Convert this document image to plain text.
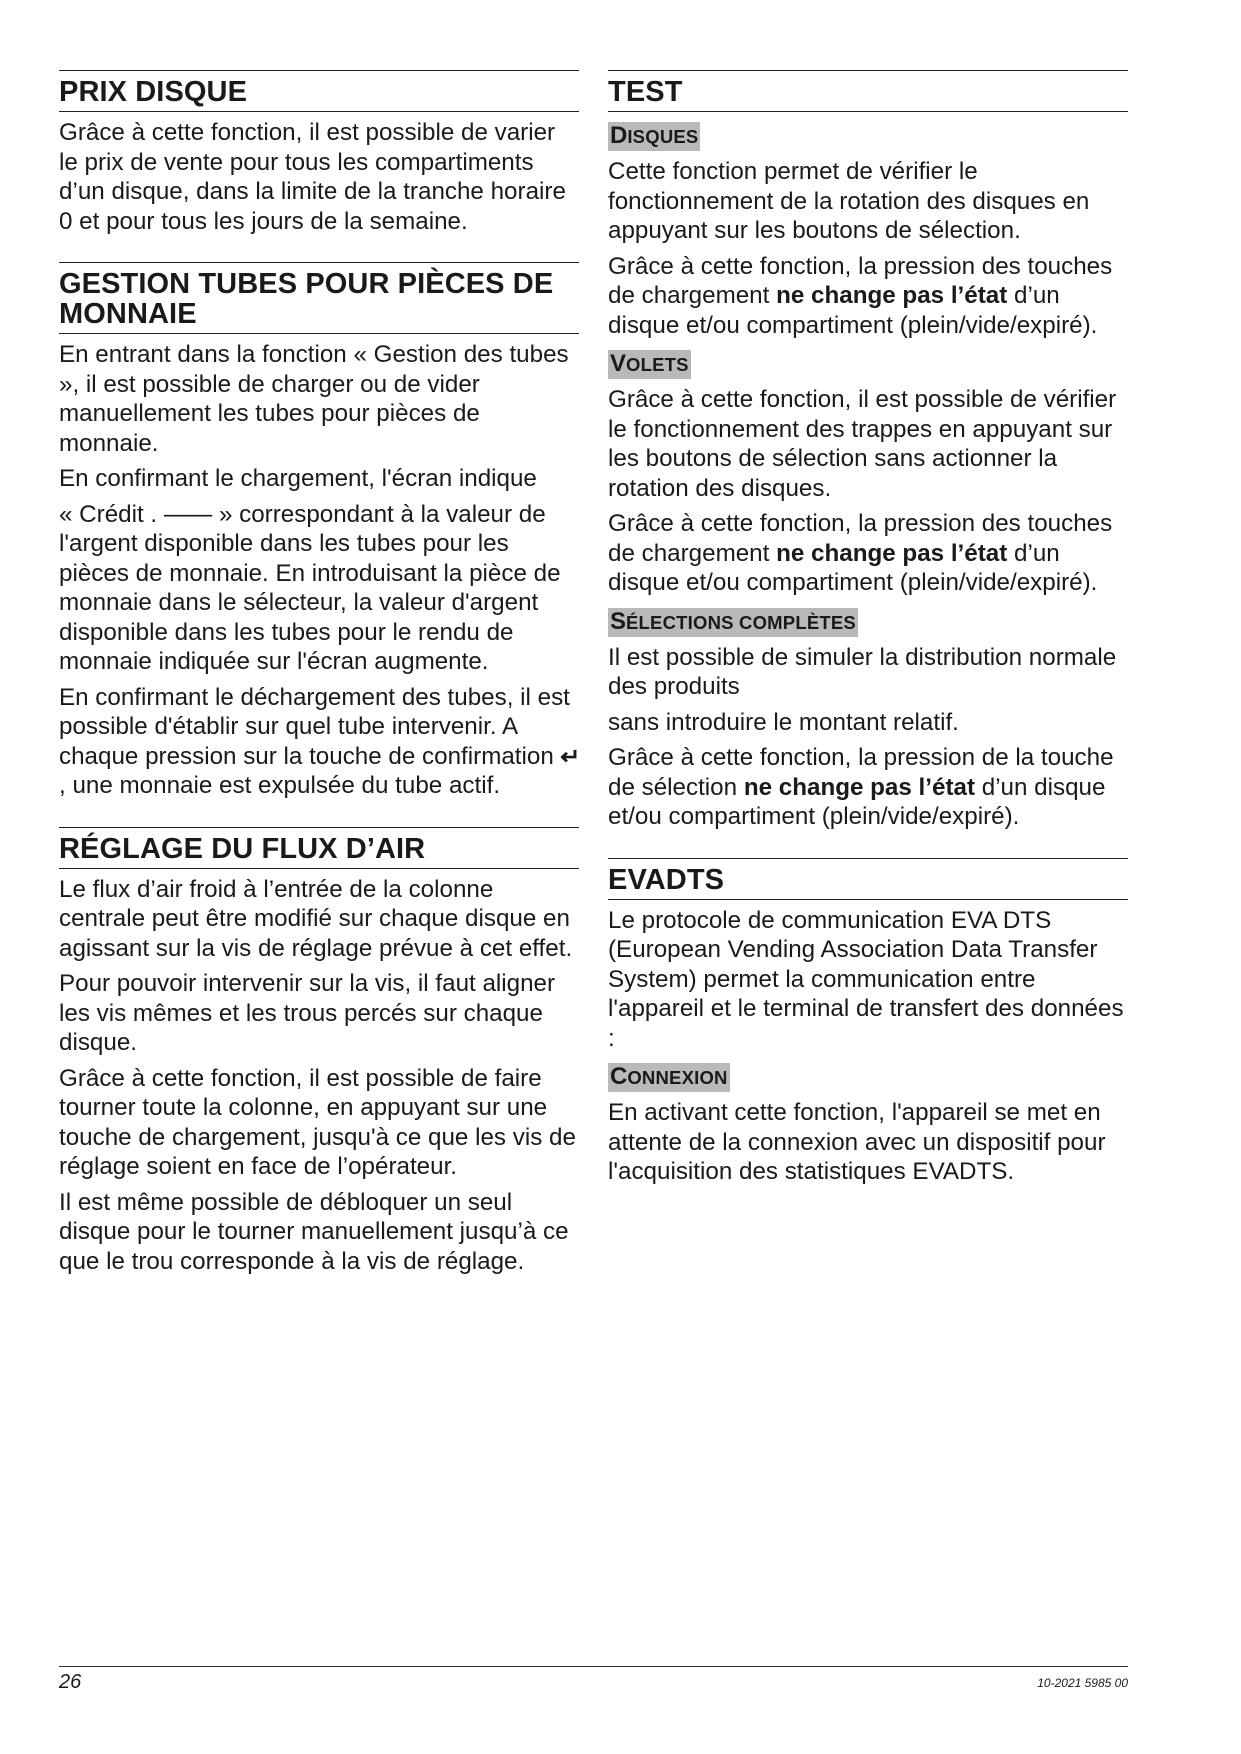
PRIX DISQUE

Grâce à cette fonction, il est possible de varier le prix de vente pour tous les compartiments d’un disque, dans la limite de la tranche horaire 0 et pour tous les jours de la semaine.

GESTION TUBES POUR PIÈCES DE MONNAIE

En entrant dans la fonction « Gestion des tubes », il est possible de charger ou de vider manuellement les tubes pour pièces de monnaie.

En confirmant le chargement, l'écran indique

« Crédit . —— » correspondant à la valeur de l'argent disponible dans les tubes pour les pièces de monnaie. En introduisant la pièce de monnaie dans le sélecteur, la valeur d'argent disponible dans les tubes pour le rendu de monnaie indiquée sur l'écran augmente.

En confirmant le déchargement des tubes, il est possible d'établir sur quel tube intervenir. A chaque pression sur la touche de confirmation ↵, une monnaie est expulsée du tube actif.

RÉGLAGE DU FLUX D’AIR

Le flux d’air froid à l’entrée de la colonne centrale peut être modifié sur chaque disque en agissant sur la vis de réglage prévue à cet effet.

Pour pouvoir intervenir sur la vis, il faut aligner les vis mêmes et les trous percés sur chaque disque.

Grâce à cette fonction, il est possible de faire tourner toute la colonne, en appuyant sur une touche de chargement, jusqu'à ce que les vis de réglage soient en face de l’opérateur.

Il est même possible de débloquer un seul disque pour le tourner manuellement jusqu’à ce que le trou corresponde à la vis de réglage.

TEST
DISQUES

Cette fonction permet de vérifier le fonctionnement de la rotation des disques en appuyant sur les boutons de sélection.

Grâce à cette fonction, la pression des touches de chargement ne change pas l’état d’un disque et/ou compartiment (plein/vide/expiré).

VOLETS

Grâce à cette fonction, il est possible de vérifier le fonctionnement des trappes en appuyant sur les boutons de sélection sans actionner la rotation des disques.

Grâce à cette fonction, la pression des touches de chargement ne change pas l’état d’un disque et/ou compartiment (plein/vide/expiré).

SÉLECTIONS COMPLÈTES

Il est possible de simuler la distribution normale des produits

sans introduire le montant relatif.

Grâce à cette fonction, la pression de la touche de sélection ne change pas l’état d’un disque et/ou compartiment (plein/vide/expiré).

EVADTS

Le protocole de communication EVA DTS (European Vending Association Data Transfer System) permet la communication entre l'appareil et le terminal de transfert des données :

CONNEXION

En activant cette fonction, l'appareil se met en attente de la connexion avec un dispositif pour l'acquisition des statistiques EVADTS.

26	10-2021 5985 00
